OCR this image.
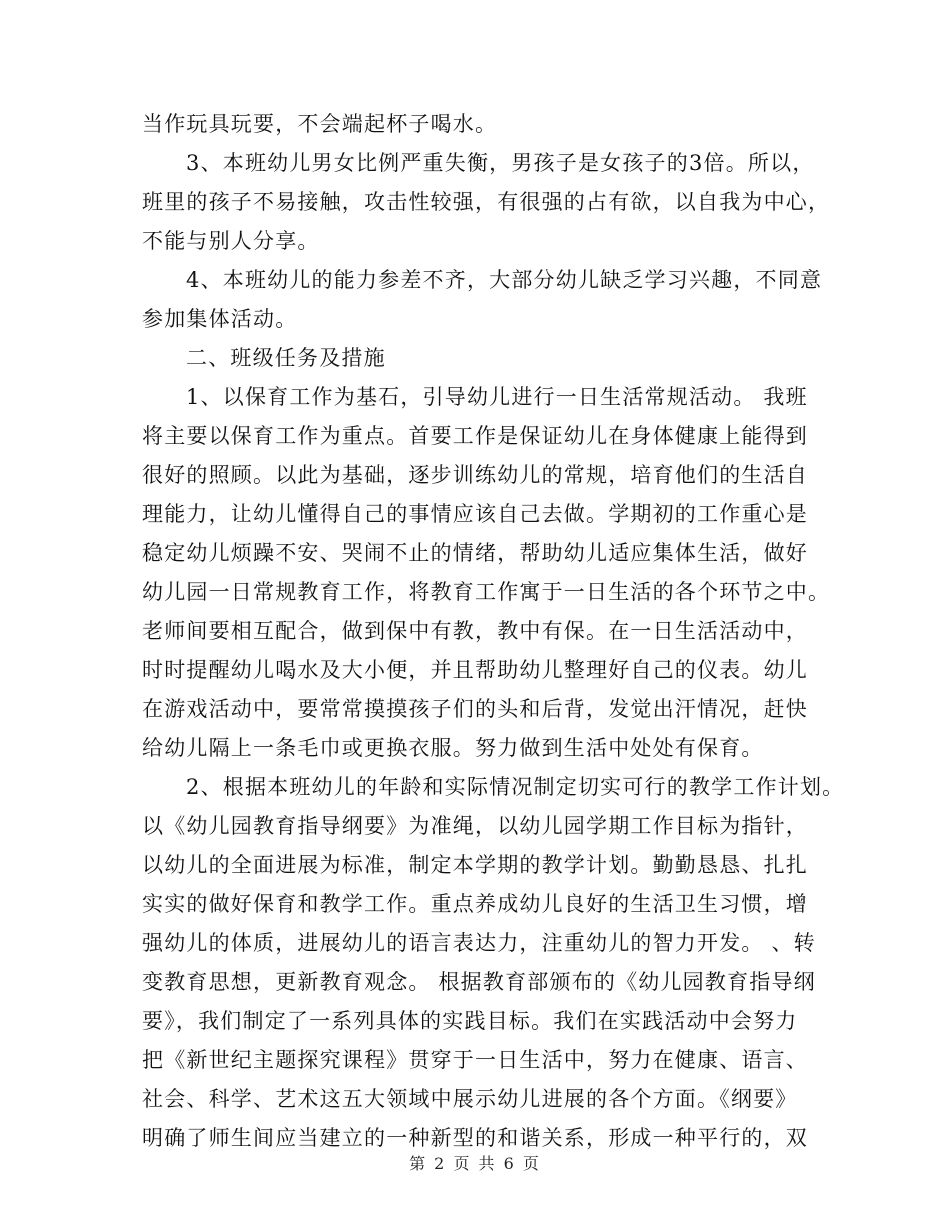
当作玩具玩要，不会端起杯子喝水。
3、本班幼儿男女比例严重失衡，男孩子是女孩子的3倍。所以，
班里的孩子不易接触，攻击性较强，有很强的占有欲，以自我为中心，
不能与别人分享。
4、本班幼儿的能力参差不齐，大部分幼儿缺乏学习兴趣，不同意
参加集体活动。
二、班级任务及措施
1、以保育工作为基石，引导幼儿进行一日生活常规活动。 我班
将主要以保育工作为重点。首要工作是保证幼儿在身体健康上能得到
很好的照顾。以此为基础，逐步训练幼儿的常规，培育他们的生活自
理能力，让幼儿懂得自己的事情应该自己去做。学期初的工作重心是
稳定幼儿烦躁不安、哭闹不止的情绪，帮助幼儿适应集体生活，做好
幼儿园一日常规教育工作，将教育工作寓于一日生活的各个环节之中。
老师间要相互配合，做到保中有教，教中有保。在一日生活活动中，
时时提醒幼儿喝水及大小便，并且帮助幼儿整理好自己的仪表。幼儿
在游戏活动中，要常常摸摸孩子们的头和后背，发觉出汗情况，赶快
给幼儿隔上一条毛巾或更换衣服。努力做到生活中处处有保育。
2、根据本班幼儿的年龄和实际情况制定切实可行的教学工作计划。
以《幼儿园教育指导纲要》为准绳，以幼儿园学期工作目标为指针，
以幼儿的全面进展为标准，制定本学期的教学计划。勤勤恳恳、扎扎
实实的做好保育和教学工作。重点养成幼儿良好的生活卫生习惯，增
强幼儿的体质，进展幼儿的语言表达力，注重幼儿的智力开发。 、转
变教育思想，更新教育观念。 根据教育部颁布的《幼儿园教育指导纲
要》，我们制定了一系列具体的实践目标。我们在实践活动中会努力
把《新世纪主题探究课程》贯穿于一日生活中，努力在健康、语言、
社会、科学、艺术这五大领域中展示幼儿进展的各个方面。《纲要》
明确了师生间应当建立的一种新型的和谐关系，形成一种平行的，双
第 2 页 共 6 页
